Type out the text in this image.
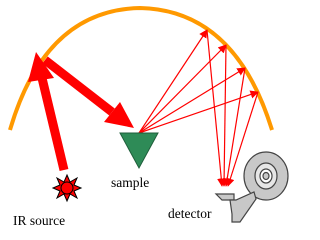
sample
IR source	detector
